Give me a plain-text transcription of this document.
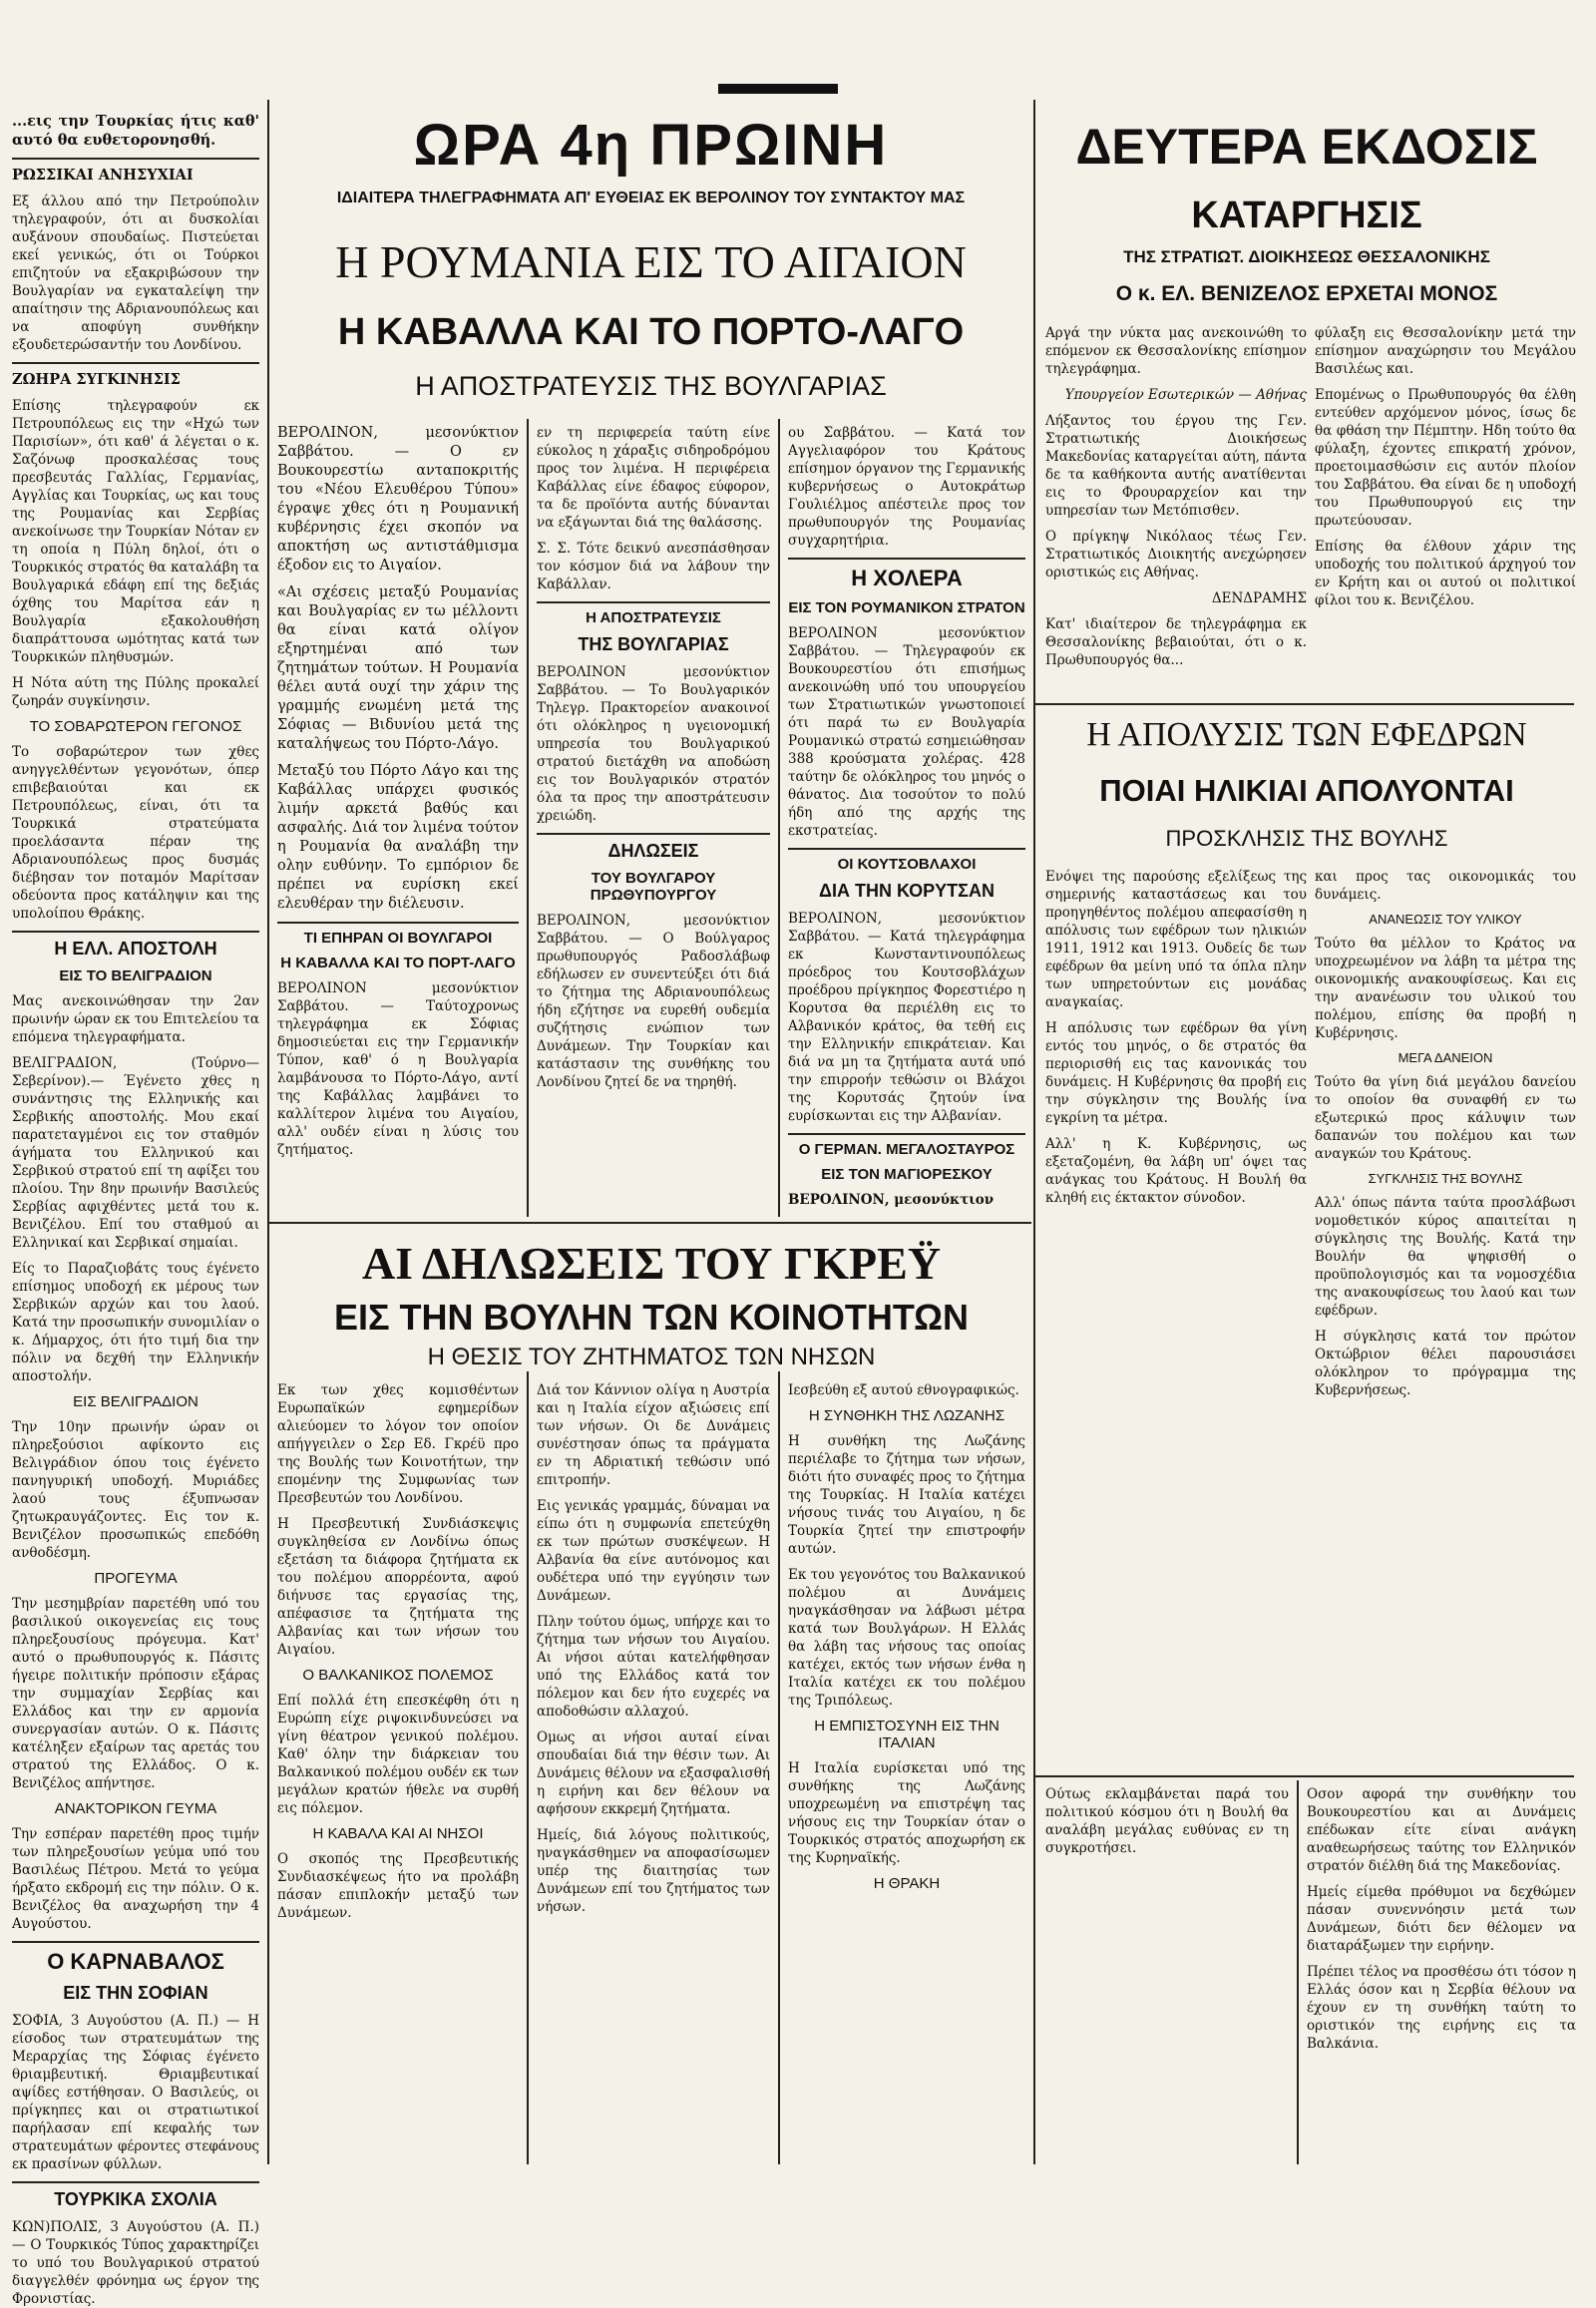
ΩΡΑ 4η ΠΡΩΙΝΗ
ΙΔΙΑΙΤΕΡΑ ΤΗΛΕΓΡΑΦΗΜΑΤΑ ΑΠ' ΕΥΘΕΙΑΣ ΕΚ ΒΕΡΟΛΙΝΟΥ ΤΟΥ ΣΥΝΤΑΚΤΟΥ ΜΑΣ
Η ΡΟΥΜΑΝΙΑ ΕΙΣ ΤΟ ΑΙΓΑΙΟΝ
Η ΚΑΒΑΛΛΑ ΚΑΙ ΤΟ ΠΟΡΤΟ-ΛΑΓΟ
Η ΑΠΟΣΤΡΑΤΕΥΣΙΣ ΤΗΣ ΒΟΥΛΓΑΡΙΑΣ
ΔΕΥΤΕΡΑ ΕΚΔΟΣΙΣ
ΚΑΤΑΡΓΗΣΙΣ
ΤΗΣ ΣΤΡΑΤΙΩΤ. ΔΙΟΙΚΗΣΕΩΣ ΘΕΣΣΑΛΟΝΙΚΗΣ
Ο κ. ΕΛ. ΒΕΝΙΖΕΛΟΣ ΕΡΧΕΤΑΙ ΜΟΝΟΣ

...εις την Τουρκίας ήτις καθ' αυτό θα ευθετορονησθή.

ΡΩΣΣΙΚΑΙ ΑΝΗΣΥΧΙΑΙ

Εξ άλλου από την Πετρούπολιν τηλεγραφούν, ότι αι δυσκολίαι αυξάνουν σπουδαίως. Πιστεύεται εκεί γενικώς, ότι οι Τούρκοι επιζητούν να εξακριβώσουν την Βουλγαρίαν να εγκαταλείψη την απαίτησιν της Αδριανουπόλεως και να αποφύγη συνθήκην εξουδετερώσαντήν του Λονδίνου.

ΖΩΗΡΑ ΣΥΓΚΙΝΗΣΙΣ

Επίσης τηλεγραφούν εκ Πετρουπόλεως εις την «Ηχώ των Παρισίων», ότι καθ' ά λέγεται ο κ. Σαζόνωφ προσκαλέσας τους πρεσβευτάς Γαλλίας, Γερμανίας, Αγγλίας και Τουρκίας, ως και τους της Ρουμανίας και Σερβίας ανεκοίνωσε την Τουρκίαν Νόταν εν τη οποία η Πύλη δηλοί, ότι ο Τουρκικός στρατός θα καταλάβη τα Βουλγαρικά εδάφη επί της δεξιάς όχθης του Μαρίτσα εάν η Βουλγαρία εξακολουθήση διαπράττουσα ωμότητας κατά των Τουρκικών πληθυσμών.

Η Νότα αύτη της Πύλης προκαλεί ζωηράν συγκίνησιν.

ΤΟ ΣΟΒΑΡΩΤΕΡΟΝ ΓΕΓΟΝΟΣ

Το σοβαρώτερον των χθες ανηγγελθέντων γεγονότων, όπερ επιβεβαιούται και εκ Πετρουπόλεως, είναι, ότι τα Τουρκικά στρατεύματα προελάσαντα πέραν της Αδριανουπόλεως προς δυσμάς διέβησαν τον ποταμόν Μαρίτσαν οδεύοντα προς κατάληψιν και της υπολοίπου Θράκης.

Η ΕΛΛ. ΑΠΟΣΤΟΛΗ
ΕΙΣ ΤΟ ΒΕΛΙΓΡΑΔΙΟΝ

Μας ανεκοινώθησαν την 2αν πρωινήν ώραν εκ του Επιτελείου τα επόμενα τηλεγραφήματα.

ΒΕΛΙΓΡΑΔΙΟΝ, (Τούρνο—Σεβερίνον).— Έγένετο χθες η συνάντησις της Ελληνικής και Σερβικής αποστολής. Μου εκαί παρατεταγμένοι εις τον σταθμόν άγήματα του Ελληνικού και Σερβικού στρατού επί τη αφίξει του πλοίου. Την 8ην πρωινήν Βασιλεύς Σερβίας αφιχθέντες μετά του κ. Βενιζέλου. Επί του σταθμού αι Ελληνικαί και Σερβικαί σημαίαι.

Είς το Παραζιοβάτς τους έγένετο επίσημος υποδοχή εκ μέρους των Σερβικών αρχών και του λαού. Κατά την προσωπικήν συνομιλίαν ο κ. Δήμαρχος, ότι ήτο τιμή δια την πόλιν να δεχθή την Ελληνικήν αποστολήν.

ΕΙΣ ΒΕΛΙΓΡΑΔΙΟΝ

Την 10ην πρωινήν ώραν οι πληρεξούσιοι αφίκοντο εις Βελιγράδιον όπου τοις έγένετο πανηγυρική υποδοχή. Μυριάδες λαού τους έξυπνωσαν ζητωκραυγάζοντες. Εις τον κ. Βενιζέλον προσωπικώς επεδόθη ανθοδέσμη.

ΠΡΟΓΕΥΜΑ

Την μεσημβρίαν παρετέθη υπό του βασιλικού οικογενείας εις τους πληρεξουσίους πρόγευμα. Κατ' αυτό ο πρωθυπουργός κ. Πάσιτς ήγειρε πολιτικήν πρόποσιν εξάρας την συμμαχίαν Σερβίας και Ελλάδος και την εν αρμονία συνεργασίαν αυτών. Ο κ. Πάσιτς κατέληξεν εξαίρων τας αρετάς του στρατού της Ελλάδος. Ο κ. Βενιζέλος απήντησε.

ΑΝΑΚΤΟΡΙΚΟΝ ΓΕΥΜΑ

Την εσπέραν παρετέθη προς τιμήν των πληρεξουσίων γεύμα υπό του Βασιλέως Πέτρου. Μετά το γεύμα ήρξατο εκδρομή εις την πόλιν. Ο κ. Βενιζέλος θα αναχωρήση την 4 Αυγούστου.

Ο ΚΑΡΝΑΒΑΛΟΣ
ΕΙΣ ΤΗΝ ΣΟΦΙΑΝ

ΣΟΦΙΑ, 3 Αυγούστου (Α. Π.) — Η είσοδος των στρατευμάτων της Μεραρχίας της Σόφιας έγένετο θριαμβευτική. Θριαμβευτικαί αψίδες εστήθησαν. Ο Βασιλεύς, οι πρίγκηπες και οι στρατιωτικοί παρήλασαν επί κεφαλής των στρατευμάτων φέροντες στεφάνους εκ πρασίνων φύλλων.

ΤΟΥΡΚΙΚΑ ΣΧΟΛΙΑ

ΚΩΝ)ΠΟΛΙΣ, 3 Αυγούστου (Α. Π.) — Ο Τουρκικός Τύπος χαρακτηρίζει το υπό του Βουλγαρικού στρατού διαγγελθέν φρόνημα ως έργον της Φρονιστίας.

ΒΕΡΟΛΙΝΟΝ, μεσονύκτιον Σαββάτου. — Ο εν Βουκουρεστίω ανταποκριτής του «Νέου Ελευθέρου Τύπου» έγραψε χθες ότι η Ρουμανική κυβέρνησις έχει σκοπόν να αποκτήση ως αντιστάθμισμα έξοδον εις το Αιγαίον.

«Αι σχέσεις μεταξύ Ρουμανίας και Βουλγαρίας εν τω μέλλοντι θα είναι κατά ολίγον εξηρτημέναι από των ζητημάτων τούτων. Η Ρουμανία θέλει αυτά ουχί την χάριν της γραμμής ενωμένη μετά της Σόφιας — Βιδυνίου μετά της καταλήψεως του Πόρτο-Λάγο.

Μεταξύ του Πόρτο Λάγο και της Καβάλλας υπάρχει φυσικός λιμήν αρκετά βαθύς και ασφαλής. Διά τον λιμένα τούτον η Ρουμανία θα αναλάβη την ολην ευθύνην. Το εμπόριον δε πρέπει να ευρίσκη εκεί ελευθέραν την διέλευσιν.

ΤΙ ΕΠΗΡΑΝ ΟΙ ΒΟΥΛΓΑΡΟΙ
Η ΚΑΒΑΛΛΑ ΚΑΙ ΤΟ ΠΟΡΤ-ΛΑΓΟ

ΒΕΡΟΛΙΝΟΝ μεσονύκτιον Σαββάτου. — Ταύτοχρονως τηλεγράφημα εκ Σόφιας δημοσιεύεται εις την Γερμανικήν Τύπον, καθ' ό η Βουλγαρία λαμβάνουσα το Πόρτο-Λάγο, αντί της Καβάλλας λαμβάνει το καλλίτερον λιμένα του Αιγαίου, αλλ' ουδέν είναι η λύσις του ζητήματος.

εν τη περιφερεία ταύτη είνε εύκολος η χάραξις σιδηροδρόμου προς τον λιμένα. Η περιφέρεια Καβάλλας είνε έδαφος εύφορον, τα δε προϊόντα αυτής δύνανται να εξάγωνται διά της θαλάσσης.

Σ. Σ. Τότε δεικνύ ανεσπάσθησαν τον κόσμον διά να λάβουν την Καβάλλαν.

Η ΑΠΟΣΤΡΑΤΕΥΣΙΣ
ΤΗΣ ΒΟΥΛΓΑΡΙΑΣ

ΒΕΡΟΛΙΝΟΝ μεσονύκτιον Σαββάτου. — Το Βουλγαρικόν Τηλεγρ. Πρακτορείον ανακοινοί ότι ολόκληρος η υγειονομική υπηρεσία του Βουλγαρικού στρατού διετάχθη να αποδώση εις τον Βουλγαρικόν στρατόν όλα τα προς την αποστράτευσιν χρειώδη.

ΔΗΛΩΣΕΙΣ
ΤΟΥ ΒΟΥΛΓΑΡΟΥ ΠΡΩΘΥΠΟΥΡΓΟΥ

ΒΕΡΟΛΙΝΟΝ, μεσονύκτιον Σαββάτου. — Ο Βούλγαρος πρωθυπουργός Ραδοσλάβωφ εδήλωσεν εν συνεντεύξει ότι διά το ζήτημα της Αδριανουπόλεως ήδη εζήτησε να ευρεθή ουδεμία συζήτησις ενώπιον των Δυνάμεων. Την Τουρκίαν και κατάστασιν της συνθήκης του Λονδίνου ζητεί δε να τηρηθή.

ου Σαββάτου. — Κατά τον Αγγελιαφόρον του Κράτους επίσημον όργανον της Γερμανικής κυβερνήσεως ο Αυτοκράτωρ Γουλιέλμος απέστειλε προς τον πρωθυπουργόν της Ρουμανίας συγχαρητήρια.

Η ΧΟΛΕΡΑ
ΕΙΣ ΤΟΝ ΡΟΥΜΑΝΙΚΟΝ ΣΤΡΑΤΟΝ

ΒΕΡΟΛΙΝΟΝ μεσονύκτιον Σαββάτου. — Τηλεγραφούν εκ Βουκουρεστίου ότι επισήμως ανεκοινώθη υπό του υπουργείου των Στρατιωτικών γνωστοποιεί ότι παρά τω εν Βουλγαρία Ρουμανικώ στρατώ εσημειώθησαν 388 κρούσματα χολέρας. 428 ταύτην δε ολόκληρος του μηνός ο θάνατος. Δια τοσούτον το πολύ ήδη από της αρχής της εκστρατείας.

ΟΙ ΚΟΥΤΣΟΒΛΑΧΟΙ
ΔΙΑ ΤΗΝ ΚΟΡΥΤΣΑΝ

ΒΕΡΟΛΙΝΟΝ, μεσονύκτιον Σαββάτου. — Κατά τηλεγράφημα εκ Κωνσταντινουπόλεως πρόεδρος του Κουτσοβλάχων προέδρου πρίγκηπος Φορεστιέρο η Κορυτσα θα περιέλθη εις το Αλβανικόν κράτος, θα τεθή εις την Ελληνικήν επικράτειαν. Και διά να μη τα ζητήματα αυτά υπό την επιρροήν τεθώσιν οι Βλάχοι της Κορυτσάς ζητούν ίνα ευρίσκωνται εις την Αλβανίαν.

Ο ΓΕΡΜΑΝ. ΜΕΓΑΛΟΣΤΑΥΡΟΣ
ΕΙΣ ΤΟΝ ΜΑΓΙΟΡΕΣΚΟΥ

ΒΕΡΟΛΙΝΟΝ, μεσονύκτιον

ΑΙ ΔΗΛΩΣΕΙΣ ΤΟΥ ΓΚΡΕΫ
ΕΙΣ ΤΗΝ ΒΟΥΛΗΝ ΤΩΝ ΚΟΙΝΟΤΗΤΩΝ
Η ΘΕΣΙΣ ΤΟΥ ΖΗΤΗΜΑΤΟΣ ΤΩΝ ΝΗΣΩΝ

Εκ των χθες κομισθέντων Ευρωπαϊκών εφημερίδων αλιεύομεν το λόγον τον οποίον απήγγειλεν ο Σερ Εδ. Γκρέϋ προ της Βουλής των Κοινοτήτων, την επομένην της Συμφωνίας των Πρεσβευτών του Λονδίνου.

Η Πρεσβευτική Συνδιάσκεψις συγκληθείσα εν Λονδίνω όπως εξετάση τα διάφορα ζητήματα εκ του πολέμου απορρέοντα, αφού διήνυσε τας εργασίας της, απέφασισε τα ζητήματα της Αλβανίας και των νήσων του Αιγαίου.

Ο ΒΑΛΚΑΝΙΚΟΣ ΠΟΛΕΜΟΣ

Επί πολλά έτη επεσκέφθη ότι η Ευρώπη είχε ριψοκινδυνεύσει να γίνη θέατρον γενικού πολέμου. Καθ' όλην την διάρκειαν του Βαλκανικού πολέμου ουδέν εκ των μεγάλων κρατών ήθελε να συρθή εις πόλεμον.

Η ΚΑΒΑΛΑ ΚΑΙ ΑΙ ΝΗΣΟΙ

Ο σκοπός της Πρεσβευτικής Συνδιασκέψεως ήτο να προλάβη πάσαν επιπλοκήν μεταξύ των Δυνάμεων.

Διά τον Κάννιον ολίγα η Αυστρία και η Ιταλία είχον αξιώσεις επί των νήσων. Οι δε Δυνάμεις συνέστησαν όπως τα πράγματα εν τη Αδριατική τεθώσιν υπό επιτροπήν.

Εις γενικάς γραμμάς, δύναμαι να είπω ότι η συμφωνία επετεύχθη εκ των πρώτων συσκέψεων. Η Αλβανία θα είνε αυτόνομος και ουδέτερα υπό την εγγύησιν των Δυνάμεων.

Πλην τούτου όμως, υπήρχε και το ζήτημα των νήσων του Αιγαίου. Αι νήσοι αύται κατελήφθησαν υπό της Ελλάδος κατά τον πόλεμον και δεν ήτο ευχερές να αποδοθώσιν αλλαχού.

Ομως αι νήσοι αυταί είναι σπουδαίαι διά την θέσιν των. Αι Δυνάμεις θέλουν να εξασφαλισθή η ειρήνη και δεν θέλουν να αφήσουν εκκρεμή ζητήματα.

Ημείς, διά λόγους πολιτικούς, ηναγκάσθημεν να αποφασίσωμεν υπέρ της διαιτησίας των Δυνάμεων επί του ζητήματος των νήσων.

Ιεσβεύθη εξ αυτού εθνογραφικώς.

Η ΣΥΝΘΗΚΗ ΤΗΣ ΛΩΖΑΝΗΣ

Η συνθήκη της Λωζάνης περιέλαβε το ζήτημα των νήσων, διότι ήτο συναφές προς το ζήτημα της Τουρκίας. Η Ιταλία κατέχει νήσους τινάς του Αιγαίου, η δε Τουρκία ζητεί την επιστροφήν αυτών.

Εκ του γεγονότος του Βαλκανικού πολέμου αι Δυνάμεις ηναγκάσθησαν να λάβωσι μέτρα κατά των Βουλγάρων. Η Ελλάς θα λάβη τας νήσους τας οποίας κατέχει, εκτός των νήσων ένθα η Ιταλία κατέχει εκ του πολέμου της Τριπόλεως.

Η ΕΜΠΙΣΤΟΣΥΝΗ ΕΙΣ ΤΗΝ ΙΤΑΛΙΑΝ

Η Ιταλία ευρίσκεται υπό της συνθήκης της Λωζάνης υποχρεωμένη να επιστρέψη τας νήσους εις την Τουρκίαν όταν ο Τουρκικός στρατός αποχωρήση εκ της Κυρηναϊκής.

Η ΘΡΑΚΗ

Αργά την νύκτα μας ανεκοινώθη το επόμενον εκ Θεσσαλονίκης επίσημον τηλεγράφημα.

Υπουργείον Εσωτερικών — Αθήνας

Λήξαντος του έργου της Γεν. Στρατιωτικής Διοικήσεως Μακεδονίας καταργείται αύτη, πάντα δε τα καθήκοντα αυτής ανατίθενται εις το Φρουραρχείον και την υπηρεσίαν των Μετόπισθεν.

Ο πρίγκηψ Νικόλαος τέως Γεν. Στρατιωτικός Διοικητής ανεχώρησεν οριστικώς εις Αθήνας.

ΔΕΝΔΡΑΜΗΣ

Κατ' ιδιαίτερον δε τηλεγράφημα εκ Θεσσαλονίκης βεβαιούται, ότι ο κ. Πρωθυπουργός θα...

φύλαξη εις Θεσσαλονίκην μετά την επίσημον αναχώρησιν του Μεγάλου Βασιλέως και.

Επομένως ο Πρωθυπουργός θα έλθη εντεύθεν αρχόμενον μόνος, ίσως δε θα φθάση την Πέμπτην. Ηδη τούτο θα φύλαξη, έχοντες επικρατή χρόνον, προετοιμασθώσιν εις αυτόν πλοίον του Σαββάτου. Θα είναι δε η υποδοχή του Πρωθυπουργού εις την πρωτεύουσαν.

Επίσης θα έλθουν χάριν της υποδοχής του πολιτικού άρχηγού τον εν Κρήτη και οι αυτού οι πολιτικοί φίλοι του κ. Βενιζέλου.

Η ΑΠΟΛΥΣΙΣ ΤΩΝ ΕΦΕΔΡΩΝ
ΠΟΙΑΙ ΗΛΙΚΙΑΙ ΑΠΟΛΥΟΝΤΑΙ
ΠΡΟΣΚΛΗΣΙΣ ΤΗΣ ΒΟΥΛΗΣ

Ενόψει της παρούσης εξελίξεως της σημερινής καταστάσεως και του προηγηθέντος πολέμου απεφασίσθη η απόλυσις των εφέδρων των ηλικιών 1911, 1912 και 1913. Ουδείς δε των εφέδρων θα μείνη υπό τα όπλα πλην των υπηρετούντων εις μονάδας αναγκαίας.

Η απόλυσις των εφέδρων θα γίνη εντός του μηνός, ο δε στρατός θα περιορισθή εις τας κανονικάς του δυνάμεις. Η Κυβέρνησις θα προβή εις την σύγκλησιν της Βουλής ίνα εγκρίνη τα μέτρα.

Αλλ' η Κ. Κυβέρνησις, ως εξεταζομένη, θα λάβη υπ' όψει τας ανάγκας του Κράτους. Η Βουλή θα κληθή εις έκτακτον σύνοδον.

και προς τας οικονομικάς του δυνάμεις.

ΑΝΑΝΕΩΣΙΣ ΤΟΥ ΥΛΙΚΟΥ

Τούτο θα μέλλον το Κράτος να υποχρεωμένον να λάβη τα μέτρα της οικονομικής ανακουφίσεως. Και εις την ανανέωσιν του υλικού του πολέμου, επίσης θα προβή η Κυβέρνησις.

ΜΕΓΑ ΔΑΝΕΙΟΝ

Τούτο θα γίνη διά μεγάλου δανείου το οποίον θα συναφθή εν τω εξωτερικώ προς κάλυψιν των δαπανών του πολέμου και των αναγκών του Κράτους.

ΣΥΓΚΛΗΣΙΣ ΤΗΣ ΒΟΥΛΗΣ

Αλλ' όπως πάντα ταύτα προσλάβωσι νομοθετικόν κύρος απαιτείται η σύγκλησις της Βουλής. Κατά την Βουλήν θα ψηφισθή ο προϋπολογισμός και τα νομοσχέδια της ανακουφίσεως του λαού και των εφέδρων.

Η σύγκλησις κατά τον πρώτον Οκτώβριον θέλει παρουσιάσει ολόκληρον το πρόγραμμα της Κυβερνήσεως.

Ούτως εκλαμβάνεται παρά του πολιτικού κόσμου ότι η Βουλή θα αναλάβη μεγάλας ευθύνας εν τη συγκροτήσει.

Οσον αφορά την συνθήκην του Βουκουρεστίου και αι Δυνάμεις επέδωκαν είτε είναι ανάγκη αναθεωρήσεως ταύτης τον Ελληνικόν στρατόν διέλθη διά της Μακεδονίας.

Ημείς είμεθα πρόθυμοι να δεχθώμεν πάσαν συνεννόησιν μετά των Δυνάμεων, διότι δεν θέλομεν να διαταράξωμεν την ειρήνην.

Πρέπει τέλος να προσθέσω ότι τόσον η Ελλάς όσον και η Σερβία θέλουν να έχουν εν τη συνθήκη ταύτη το οριστικόν της ειρήνης εις τα Βαλκάνια.
